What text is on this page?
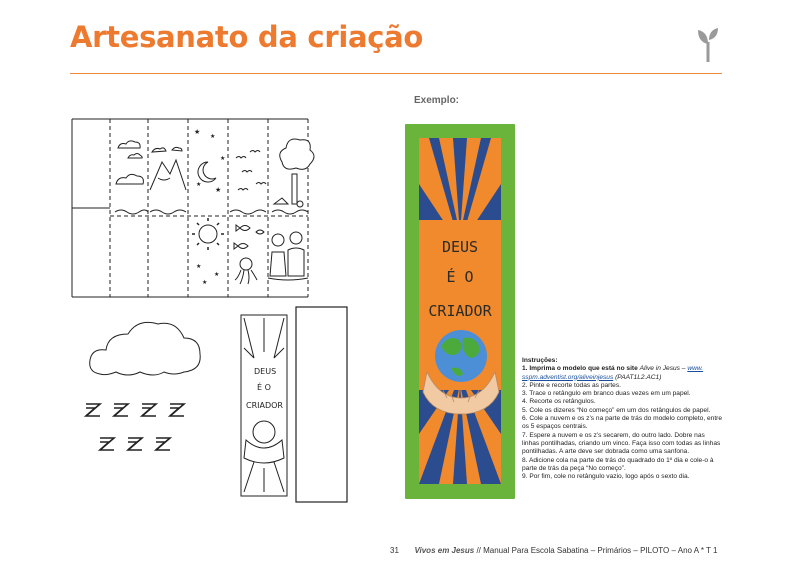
Artesanato da criação
Exemplo:
★
★
★
★
★
★
★
★
DEUS
É O
CRIADOR
DEUS
É O
CRIADOR
Instruções:
1. Imprima o modelo que está no site Alive in Jesus – www. sspm.adventist.org/aliveinjesus (PAAT1L2.AC1)
2. Pinte e recorte todas as partes.
3. Trace o retângulo em branco duas vezes em um papel.
4. Recorte os retângulos.
5. Cole os dizeres “No começo” em um dos retângulos de papel.
6. Cole a nuvem e os z’s na parte de trás do modelo completo, entre os 5 espaços centrais.
7. Espere a nuvem e os z’s secarem, do outro lado. Dobre nas linhas pontilhadas, criando um vinco. Faça isso com todas as linhas pontilhadas. A arte deve ser dobrada como uma sanfona.
8. Adicione cola na parte de trás do quadrado do 1º dia e cole-o à parte de trás da peça “No começo”.
9. Por fim, cole no retângulo vazio, logo após o sexto dia.
31 Vivos em Jesus // Manual Para Escola Sabatina – Primários – PILOTO – Ano A * T 1
